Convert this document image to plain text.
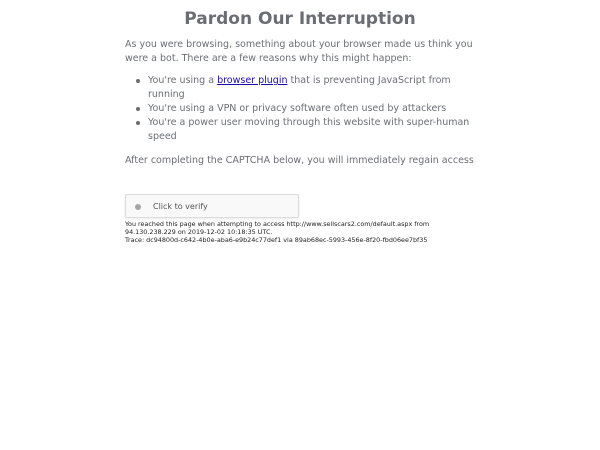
Pardon Our Interruption

As you were browsing, something about your browser made us think you were a bot. There are a few reasons why this might happen:

You're using a browser plugin that is preventing JavaScript from running
You're using a VPN or privacy software often used by attackers
You're a power user moving through this website with super-human speed

After completing the CAPTCHA below, you will immediately regain access

Click to verify
You reached this page when attempting to access http://www.sellscars2.com/default.aspx from
94.130.238.229 on 2019-12-02 10:18:35 UTC.
Trace: dc94800d-c642-4b0e-aba6-e9b24c77def1 via 89ab68ec-5993-456e-8f20-fbd06ee7bf35
